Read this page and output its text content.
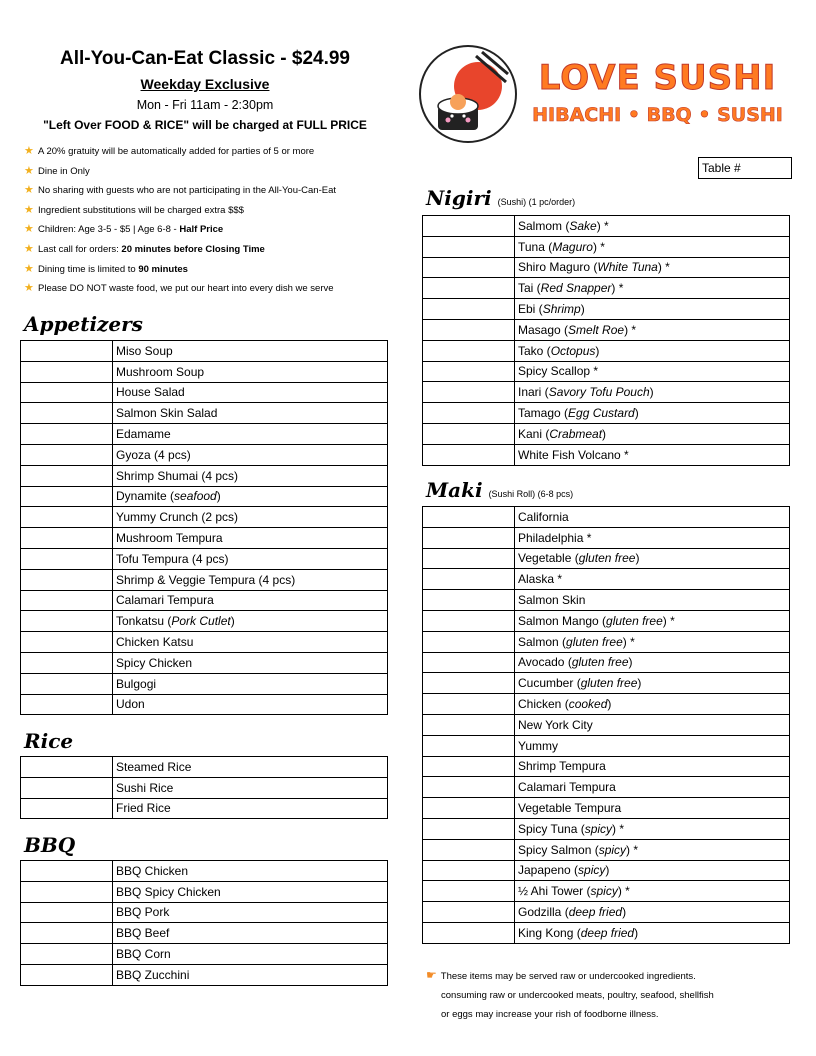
All-You-Can-Eat Classic - $24.99
Weekday Exclusive
Mon - Fri 11am - 2:30pm
"Left Over FOOD & RICE" will be charged at FULL PRICE
★ A 20% gratuity will be automatically added for parties of 5 or more
★ Dine in Only
★ No sharing with guests who are not participating in the All-You-Can-Eat
★ Ingredient substitutions will be charged extra $$$
★ Children: Age 3-5 - $5 | Age 6-8 - Half Price
★ Last call for orders: 20 minutes before Closing Time
★ Dining time is limited to 90 minutes
★ Please DO NOT waste food, we put our heart into every dish we serve
Appetizers
	Miso Soup
	Mushroom Soup
	House Salad
	Salmon Skin Salad
	Edamame
	Gyoza (4 pcs)
	Shrimp Shumai (4 pcs)
	Dynamite (seafood)
	Yummy Crunch (2 pcs)
	Mushroom Tempura
	Tofu Tempura (4 pcs)
	Shrimp & Veggie Tempura (4 pcs)
	Calamari Tempura
	Tonkatsu (Pork Cutlet)
	Chicken Katsu
	Spicy Chicken
	Bulgogi
	Udon
Rice
	Steamed Rice
	Sushi Rice
	Fried Rice
BBQ
	BBQ Chicken
	BBQ Spicy Chicken
	BBQ Pork
	BBQ Beef
	BBQ Corn
	BBQ Zucchini
LOVE SUSHI
HIBACHI • BBQ • SUSHI
Table #
Nigiri (Sushi) (1 pc/order)
	Salmom (Sake) *
	Tuna (Maguro) *
	Shiro Maguro (White Tuna) *
	Tai (Red Snapper) *
	Ebi (Shrimp)
	Masago (Smelt Roe) *
	Tako (Octopus)
	Spicy Scallop *
	Inari (Savory Tofu Pouch)
	Tamago (Egg Custard)
	Kani (Crabmeat)
	White Fish Volcano *
Maki (Sushi Roll) (6-8 pcs)
	California
	Philadelphia *
	Vegetable (gluten free)
	Alaska *
	Salmon Skin
	Salmon Mango (gluten free) *
	Salmon (gluten free) *
	Avocado (gluten free)
	Cucumber (gluten free)
	Chicken (cooked)
	New York City
	Yummy
	Shrimp Tempura
	Calamari Tempura
	Vegetable Tempura
	Spicy Tuna (spicy) *
	Spicy Salmon (spicy) *
	Japapeno (spicy)
	½ Ahi Tower (spicy) *
	Godzilla (deep fried)
	King Kong (deep fried)
☛ These items may be served raw or undercooked ingredients.
consuming raw or undercooked meats, poultry, seafood, shellfish
or eggs may increase your rish of foodborne illness.
